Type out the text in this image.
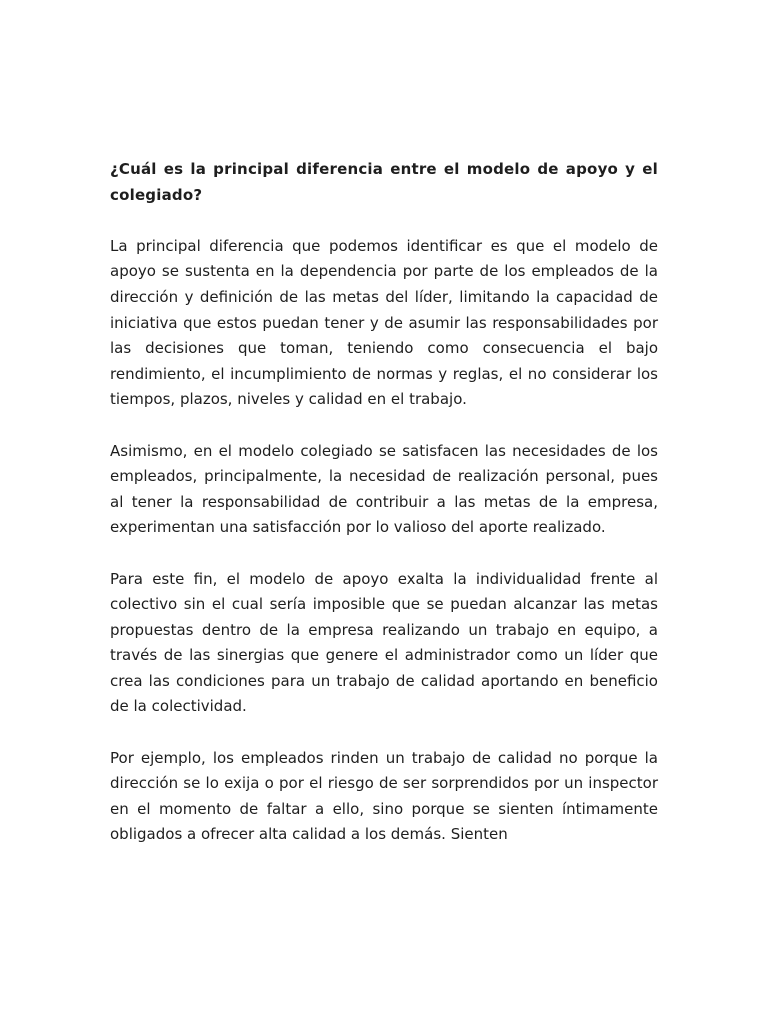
¿Cuál es la principal diferencia entre el modelo de apoyo y el colegiado?

La principal diferencia que podemos identificar es que el modelo de apoyo se sustenta en la dependencia por parte de los empleados de la dirección y definición de las metas del líder, limitando la capacidad de iniciativa que estos puedan tener y de asumir las responsabilidades por las decisiones que toman, teniendo como consecuencia el bajo rendimiento, el incumplimiento de normas y reglas, el no considerar los tiempos, plazos, niveles y calidad en el trabajo.

Asimismo, en el modelo colegiado se satisfacen las necesidades de los empleados, principalmente, la necesidad de realización personal, pues al tener la responsabilidad de contribuir a las metas de la empresa, experimentan una satisfacción por lo valioso del aporte realizado.

Para este fin, el modelo de apoyo exalta la individualidad frente al colectivo sin el cual sería imposible que se puedan alcanzar las metas propuestas dentro de la empresa realizando un trabajo en equipo, a través de las sinergias que genere el administrador como un líder que crea las condiciones para un trabajo de calidad aportando en beneficio de la colectividad.

Por ejemplo, los empleados rinden un trabajo de calidad no porque la dirección se lo exija o por el riesgo de ser sorprendidos por un inspector en el momento de faltar a ello, sino porque se sienten íntimamente obligados a ofrecer alta calidad a los demás. Sienten
